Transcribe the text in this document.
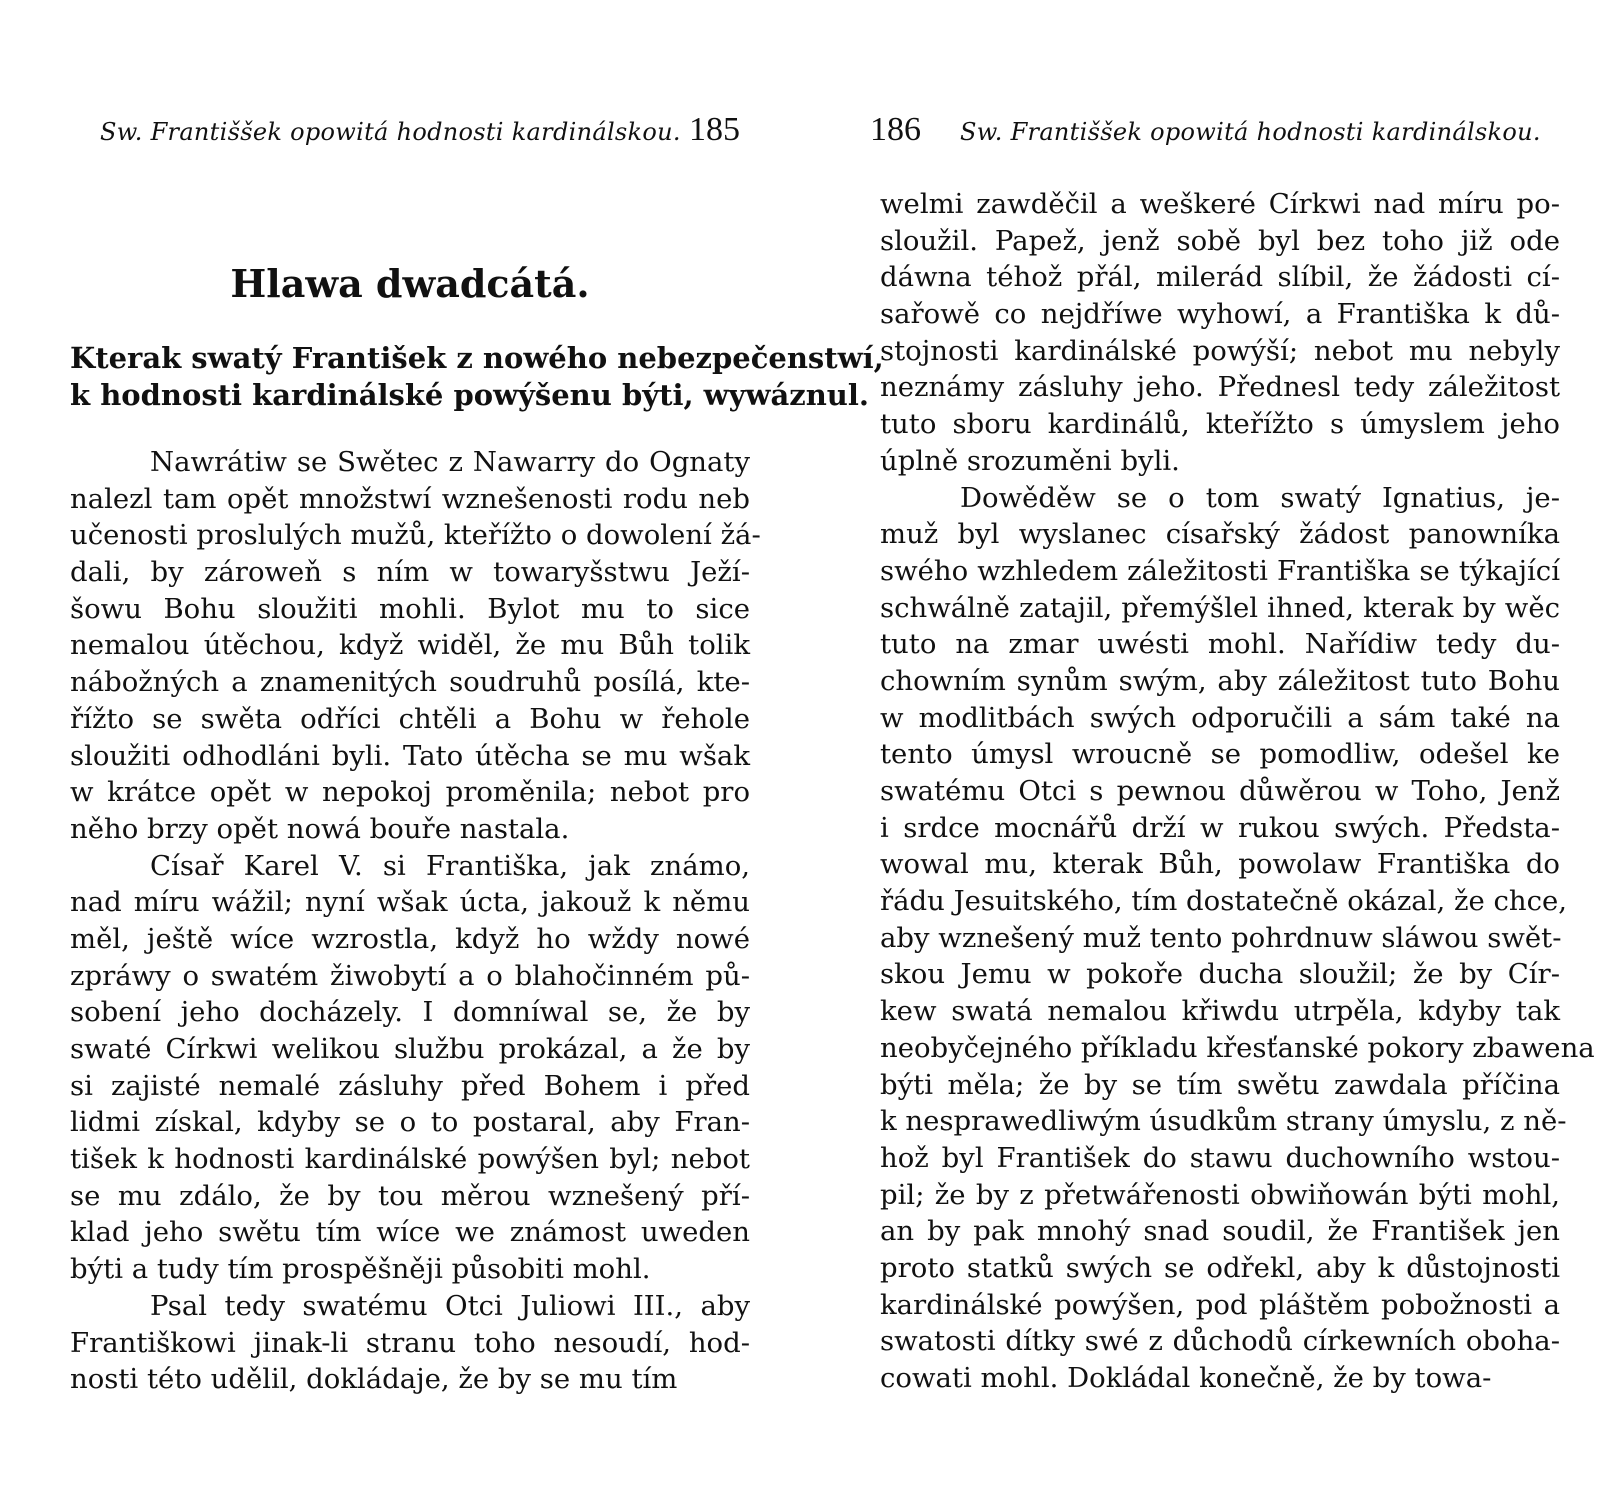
Sw. Františšek opowitá hodnosti kardinálskou. 185
Hlawa dwadcátá.
Kterak swatý František z nowého nebezpečenstwí,
k hodnosti kardinálské powýšenu býti, wywáznul.
Nawrátiw se Swětec z Nawarry do Ognaty
nalezl tam opět množstwí wznešenosti rodu neb
učenosti proslulých mužů, kteřížto o dowolení žá-
dali, by zároweň s ním w towaryšstwu Ježí-
šowu Bohu sloužiti mohli. Bylot mu to sice
nemalou útěchou, když widěl, že mu Bůh tolik
nábožných a znamenitých soudruhů posílá, kte-
řížto se swěta odříci chtěli a Bohu w řehole
sloužiti odhodláni byli. Tato útěcha se mu wšak
w krátce opět w nepokoj proměnila; nebot pro
něho brzy opět nowá bouře nastala.
Císař Karel V. si Františka, jak známo,
nad míru wážil; nyní wšak úcta, jakouž k němu
měl, ještě wíce wzrostla, když ho wždy nowé
zpráwy o swatém žiwobytí a o blahočinném pů-
sobení jeho docházely. I domníwal se, že by
swaté Církwi welikou službu prokázal, a že by
si zajisté nemalé zásluhy před Bohem i před
lidmi získal, kdyby se o to postaral, aby Fran-
tišek k hodnosti kardinálské powýšen byl; nebot
se mu zdálo, že by tou měrou wznešený pří-
klad jeho swětu tím wíce we známost uweden
býti a tudy tím prospěšněji působiti mohl.
Psal tedy swatému Otci Juliowi III., aby
Františkowi jinak-li stranu toho nesoudí, hod-
nosti této udělil, dokládaje, že by se mu tím
186 Sw. Františšek opowitá hodnosti kardinálskou.
welmi zawděčil a weškeré Církwi nad míru po-
sloužil. Papež, jenž sobě byl bez toho již ode
dáwna téhož přál, milerád slíbil, že žádosti cí-
sařowě co nejdříwe wyhowí, a Františka k dů-
stojnosti kardinálské powýší; nebot mu nebyly
neznámy zásluhy jeho. Přednesl tedy záležitost
tuto sboru kardinálů, kteřížto s úmyslem jeho
úplně srozuměni byli.
Dowěděw se o tom swatý Ignatius, je-
muž byl wyslanec císařský žádost panowníka
swého wzhledem záležitosti Františka se týkající
schwálně zatajil, přemýšlel ihned, kterak by wěc
tuto na zmar uwésti mohl. Nařídiw tedy du-
chowním synům swým, aby záležitost tuto Bohu
w modlitbách swých odporučili a sám také na
tento úmysl wroucně se pomodliw, odešel ke
swatému Otci s pewnou důwěrou w Toho, Jenž
i srdce mocnářů drží w rukou swých. Předsta-
wowal mu, kterak Bůh, powolaw Františka do
řádu Jesuitského, tím dostatečně okázal, že chce,
aby wznešený muž tento pohrdnuw sláwou swět-
skou Jemu w pokoře ducha sloužil; že by Cír-
kew swatá nemalou křiwdu utrpěla, kdyby tak
neobyčejného příkladu křesťanské pokory zbawena
býti měla; že by se tím swětu zawdala příčina
k nesprawedliwým úsudkům strany úmyslu, z ně-
hož byl František do stawu duchowního wstou-
pil; že by z přetwářenosti obwiňowán býti mohl,
an by pak mnohý snad soudil, že František jen
proto statků swých se odřekl, aby k důstojnosti
kardinálské powýšen, pod pláštěm pobožnosti a
swatosti dítky swé z důchodů církewních oboha-
cowati mohl. Dokládal konečně, že by towa-
